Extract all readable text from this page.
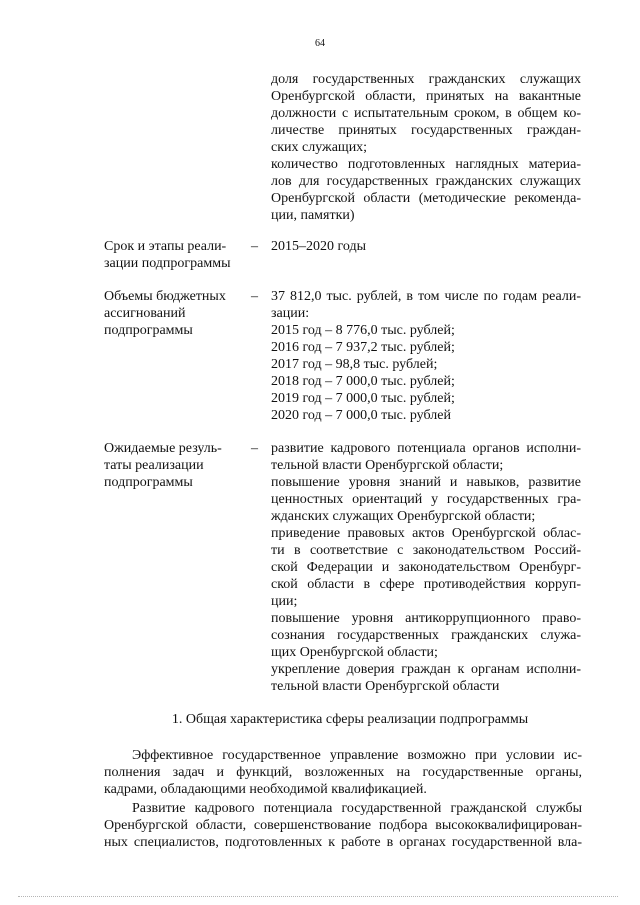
64
доля государственных гражданских служащих
Оренбургской области, принятых на вакантные
должности с испытательным сроком, в общем ко-
личестве принятых государственных граждан-
ских служащих;
количество подготовленных наглядных материа-
лов для государственных гражданских служащих
Оренбургской области (методические рекоменда-
ции, памятки)
Срок и этапы реали-
зации подпрограммы
– 2015–2020 годы
Объемы бюджетных
ассигнований
подпрограммы
– 37 812,0 тыс. рублей, в том числе по годам реали-
зации:
2015 год – 8 776,0 тыс. рублей;
2016 год – 7 937,2 тыс. рублей;
2017 год – 98,8 тыс. рублей;
2018 год – 7 000,0 тыс. рублей;
2019 год – 7 000,0 тыс. рублей;
2020 год – 7 000,0 тыс. рублей
Ожидаемые резуль-
таты реализации
подпрограммы
– развитие кадрового потенциала органов исполни-
тельной власти Оренбургской области;
повышение уровня знаний и навыков, развитие
ценностных ориентаций у государственных гра-
жданских служащих Оренбургской области;
приведение правовых актов Оренбургской облас-
ти в соответствие с законодательством Россий-
ской Федерации и законодательством Оренбург-
ской области в сфере противодействия корруп-
ции;
повышение уровня антикоррупционного право-
сознания государственных гражданских служа-
щих Оренбургской области;
укрепление доверия граждан к органам исполни-
тельной власти Оренбургской области
1. Общая характеристика сферы реализации подпрограммы
Эффективное государственное управление возможно при условии ис-
полнения задач и функций, возложенных на государственные органы,
кадрами, обладающими необходимой квалификацией.
Развитие кадрового потенциала государственной гражданской службы
Оренбургской области, совершенствование подбора высококвалифицирован-
ных специалистов, подготовленных к работе в органах государственной вла-
